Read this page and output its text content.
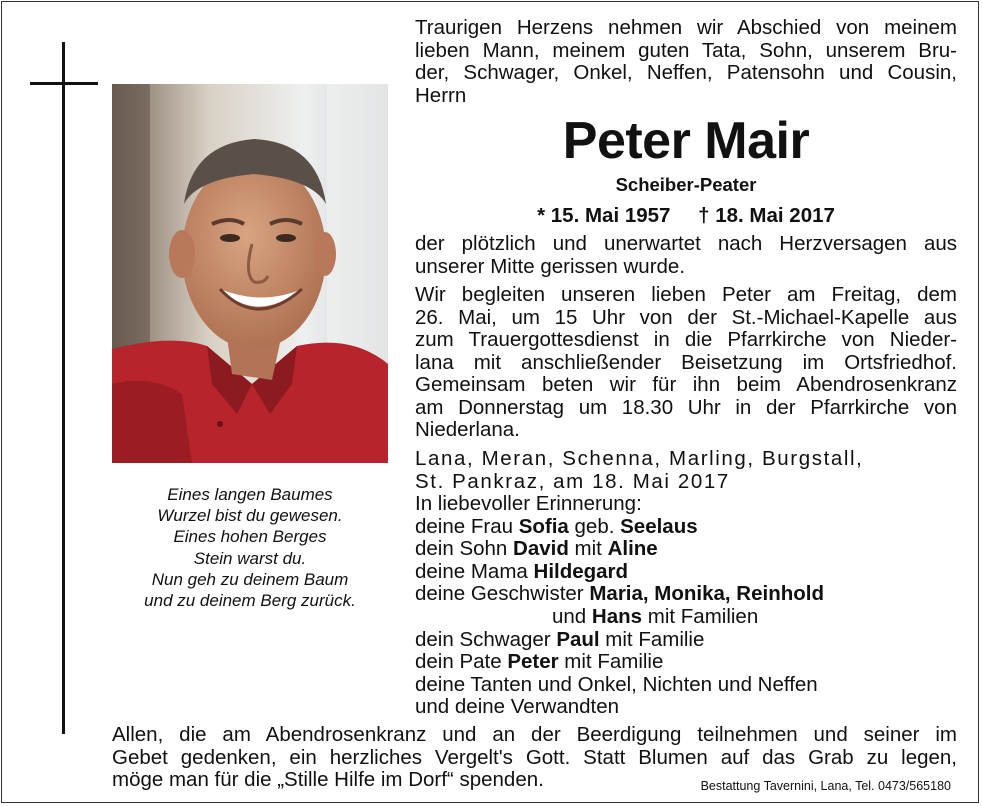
Eines langen Baumes
Wurzel bist du gewesen.
Eines hohen Berges
Stein warst du.
Nun geh zu deinem Baum
und zu deinem Berg zurück.
Traurigen Herzens nehmen wir Abschied von meinem
lieben Mann, meinem guten Tata, Sohn, unserem Bru-
der, Schwager, Onkel, Neffen, Patensohn und Cousin,
Herrn
Peter Mair
Scheiber-Peater
* 15. Mai 1957 † 18. Mai 2017
der plötzlich und unerwartet nach Herzversagen aus
unserer Mitte gerissen wurde.
Wir begleiten unseren lieben Peter am Freitag, dem
26. Mai, um 15 Uhr von der St.-Michael-Kapelle aus
zum Trauergottesdienst in die Pfarrkirche von Nieder-
lana mit anschließender Beisetzung im Ortsfriedhof.
Gemeinsam beten wir für ihn beim Abendrosenkranz
am Donnerstag um 18.30 Uhr in der Pfarrkirche von
Niederlana.
Lana, Meran, Schenna, Marling, Burgstall,
St. Pankraz, am 18. Mai 2017
In liebevoller Erinnerung:
deine Frau Sofia geb. Seelaus
dein Sohn David mit Aline
deine Mama Hildegard
deine Geschwister Maria, Monika, Reinhold
und Hans mit Familien
dein Schwager Paul mit Familie
dein Pate Peter mit Familie
deine Tanten und Onkel, Nichten und Neffen
und deine Verwandten
Allen, die am Abendrosenkranz und an der Beerdigung teilnehmen und seiner im
Gebet gedenken, ein herzliches Vergelt's Gott. Statt Blumen auf das Grab zu legen,
möge man für die „Stille Hilfe im Dorf“ spenden.	Bestattung Tavernini, Lana, Tel. 0473/565180
